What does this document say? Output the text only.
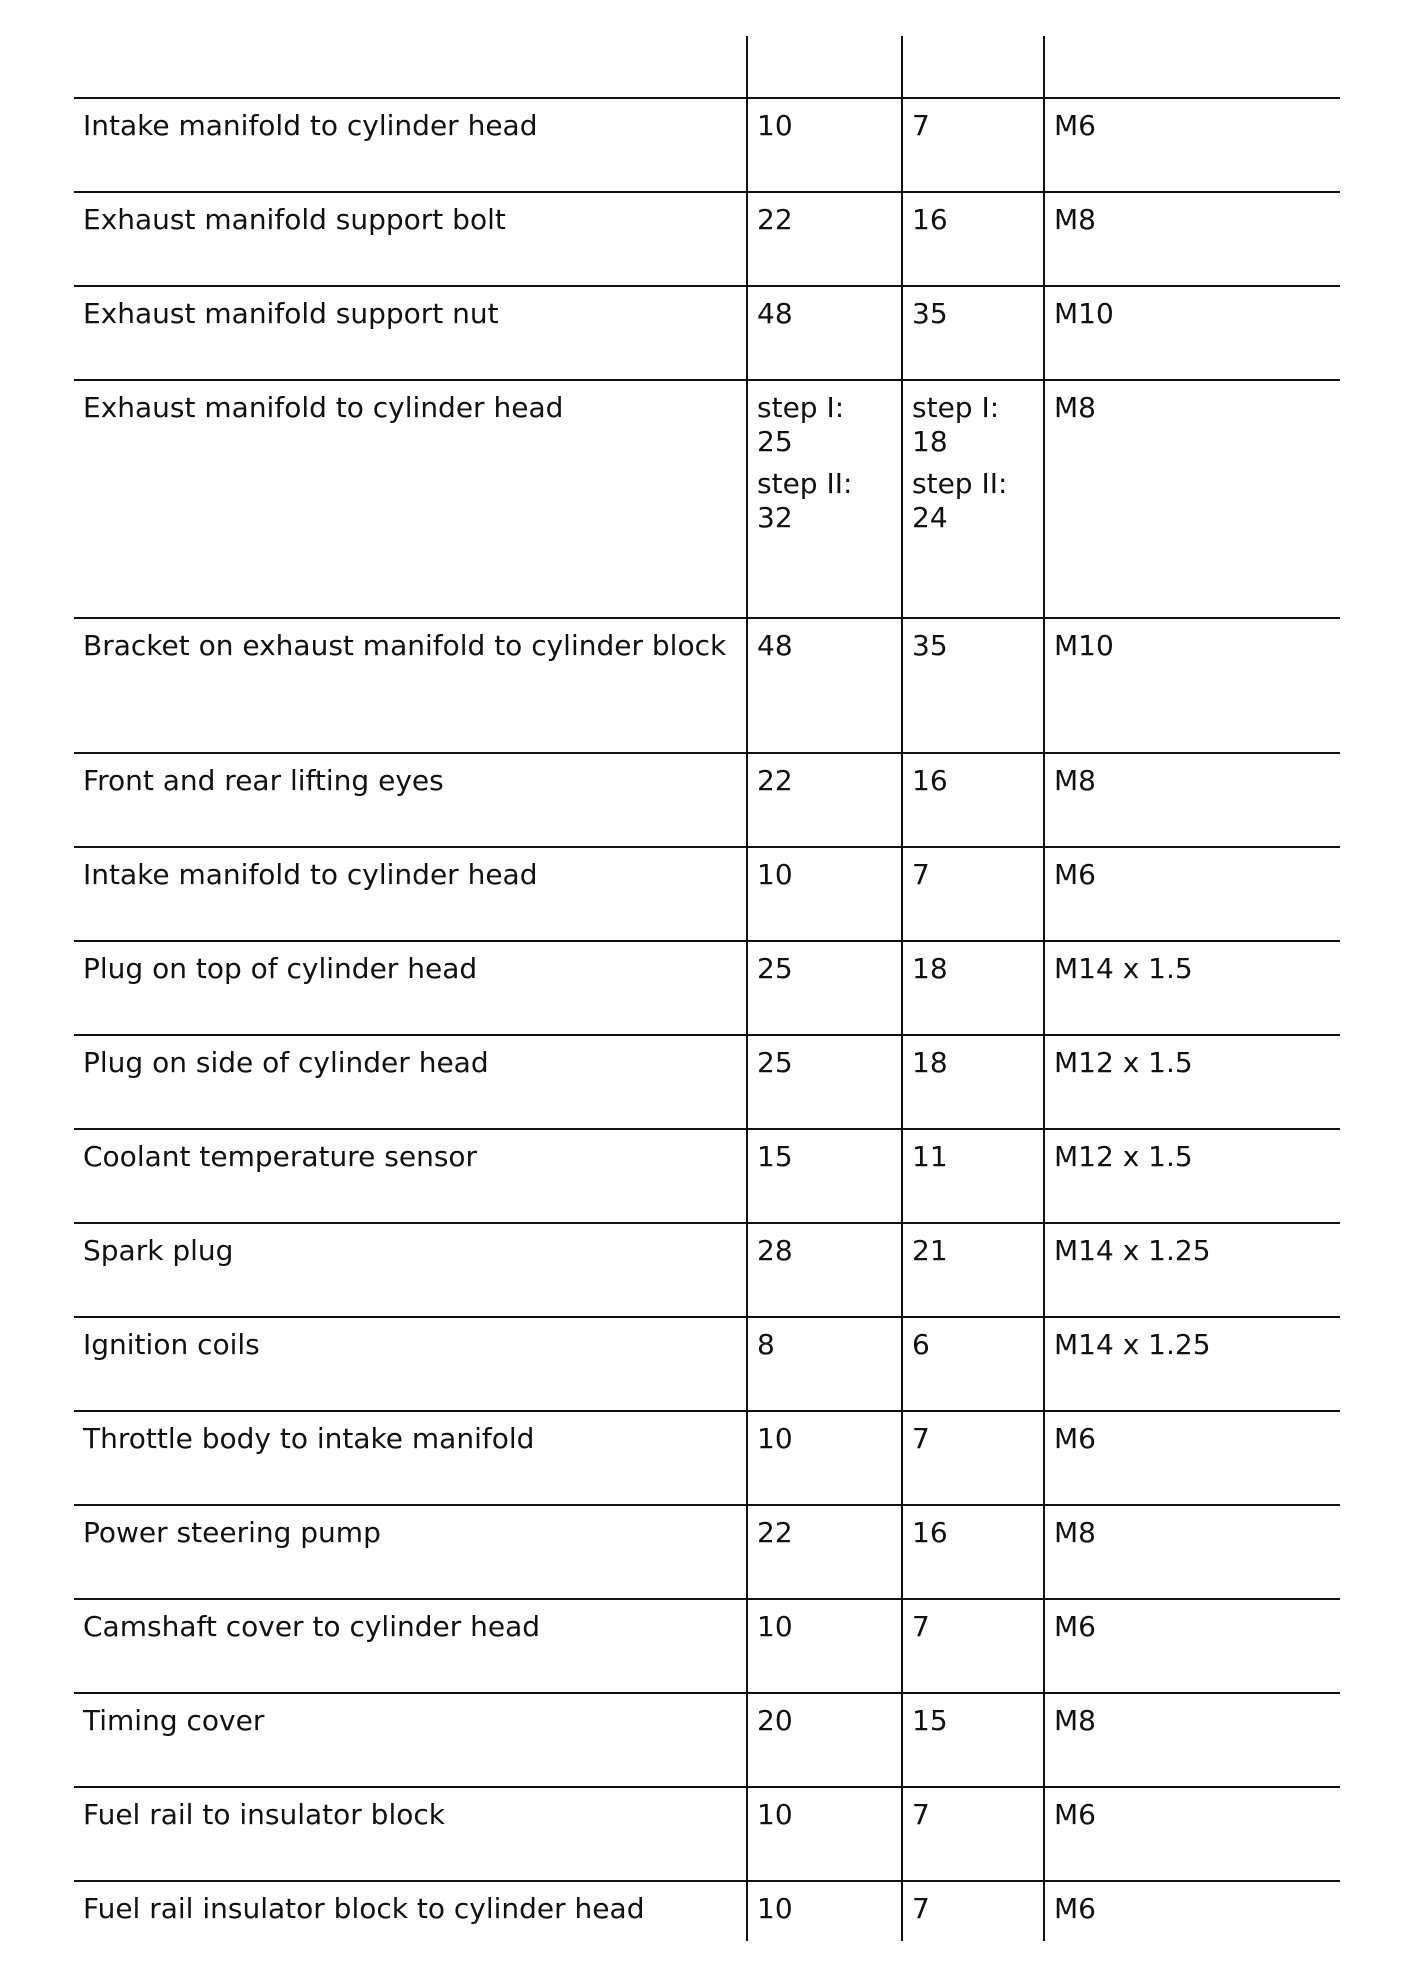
Intake manifold to cylinder head	10	7	M6
Exhaust manifold support bolt	22	16	M8
Exhaust manifold support nut	48	35	M10
Exhaust manifold to cylinder head	step I:
25
step II:
32	step I:
18
step II:
24	M8
Bracket on exhaust manifold to cylinder block	48	35	M10
Front and rear lifting eyes	22	16	M8
Intake manifold to cylinder head	10	7	M6
Plug on top of cylinder head	25	18	M14 x 1.5
Plug on side of cylinder head	25	18	M12 x 1.5
Coolant temperature sensor	15	11	M12 x 1.5
Spark plug	28	21	M14 x 1.25
Ignition coils	8	6	M14 x 1.25
Throttle body to intake manifold	10	7	M6
Power steering pump	22	16	M8
Camshaft cover to cylinder head	10	7	M6
Timing cover	20	15	M8
Fuel rail to insulator block	10	7	M6
Fuel rail insulator block to cylinder head	10	7	M6
